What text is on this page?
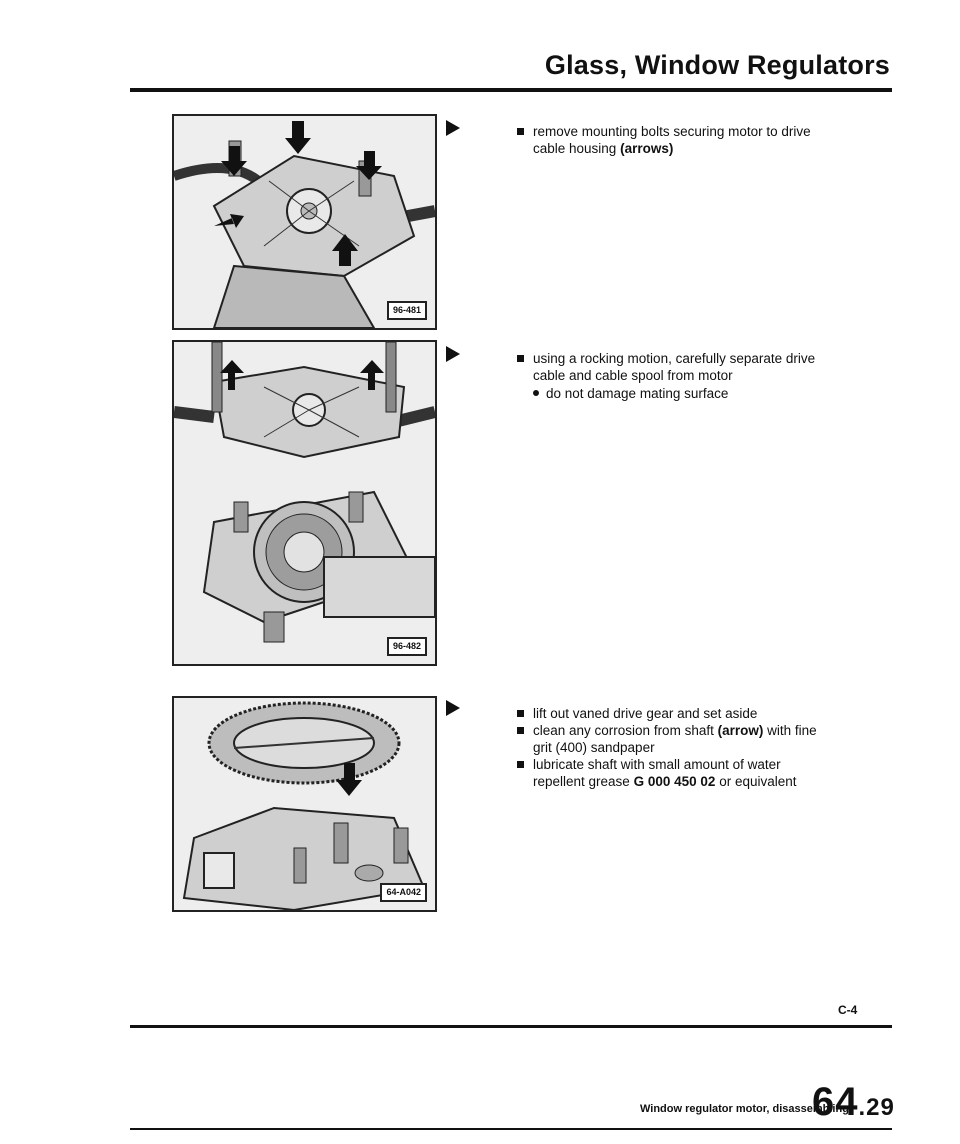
Glass, Window Regulators
96-481
96-482
64-A042
remove mounting bolts securing motor to drive cable housing (arrows)
using a rocking motion, carefully separate drive cable and cable spool from motor
do not damage mating surface
lift out vaned drive gear and set aside
clean any corrosion from shaft (arrow) with fine grit (400) sandpaper
lubricate shaft with small amount of water repellent grease G 000 450 02 or equivalent
C-4
Window regulator motor, disassembling
64.29
